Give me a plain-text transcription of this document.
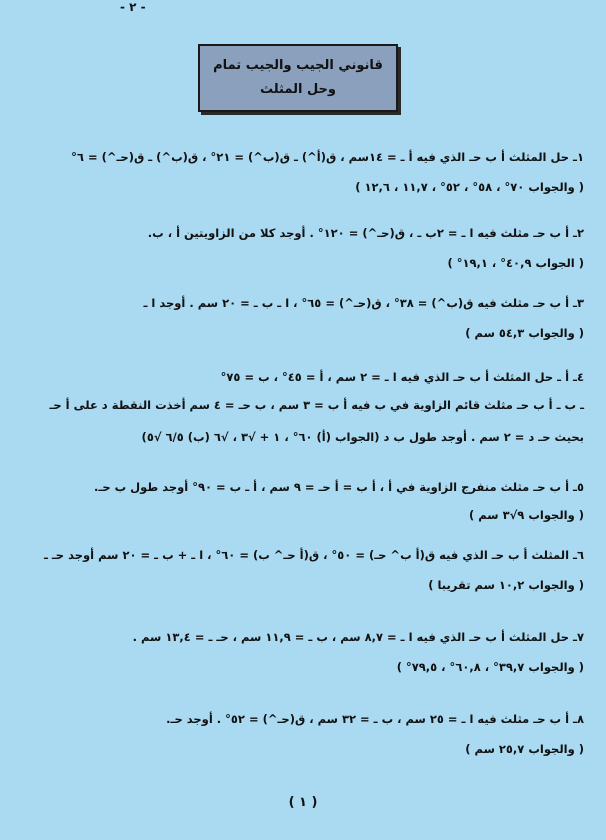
- ٢ -
قانوني الجيب والجيب تمام
وحل المثلث
١ـ حل المثلث أ ب حـ الذي فيه أ ـ = ١٤سم ، ق(أ^) ـ ق(ب^) = ٢١° ، ق(ب^) ـ ق(حـ^) = ٦°
( والجواب ٧٠° ، ٥٨° ، ٥٢° ، ١١,٧ ، ١٢,٦ )
٢ـ أ ب حـ مثلث فيه ا ـ = ٢ب ـ ، ق(حـ^) = ١٢٠° . أوجد كلا من الزاويتين أ ، ب.
( الجواب ٤٠,٩° ، ١٩,١° )
٣ـ أ ب حـ مثلث فيه ق(ب^) = ٣٨° ، ق(حـ^) = ٦٥° ، ا ـ ب ـ = ٢٠ سم . أوجد ا ـ
( والجواب ٥٤,٣ سم )
٤ـ أ ـ حل المثلث أ ب حـ الذي فيه ا ـ = ٢ سم ، أ = ٤٥° ، ب = ٧٥°
ـ ب ـ أ ب حـ مثلث قائم الزاوية في ب فيه أ ب = ٣ سم ، ب حـ = ٤ سم أخذت النقطة د على أ حـ
بحيث حـ د = ٢ سم . أوجد طول ب د (الجواب (أ) ٦٠° ، ١ + √٣ ، √٦ (ب) ٦/٥ √٥)
٥ـ أ ب حـ مثلث منفرج الزاوية في أ ، أ ب = أ حـ = ٩ سم ، أ ـ ب = ٩٠° أوجد طول ب حـ.
( والجواب ٩√٣ سم )
٦ـ المثلث أ ب حـ الذي فيه ق(أ ب^ حـ) = ٥٠° ، ق(أ حـ^ ب) = ٦٠° ، ا ـ + ب ـ = ٢٠ سم أوجد حـ ـ
( والجواب ١٠,٢ سم تقريبا )
٧ـ حل المثلث أ ب حـ الذي فيه ا ـ = ٨,٧ سم ، ب ـ = ١١,٩ سم ، حـ ـ = ١٣,٤ سم .
( والجواب ٣٩,٧° ، ٦٠,٨° ، ٧٩,٥° )
٨ـ أ ب حـ مثلث فيه ا ـ = ٢٥ سم ، ب ـ = ٣٢ سم ، ق(حـ^) = ٥٢° . أوجد حـ.
( والجواب ٢٥,٧ سم )
( ١ )
